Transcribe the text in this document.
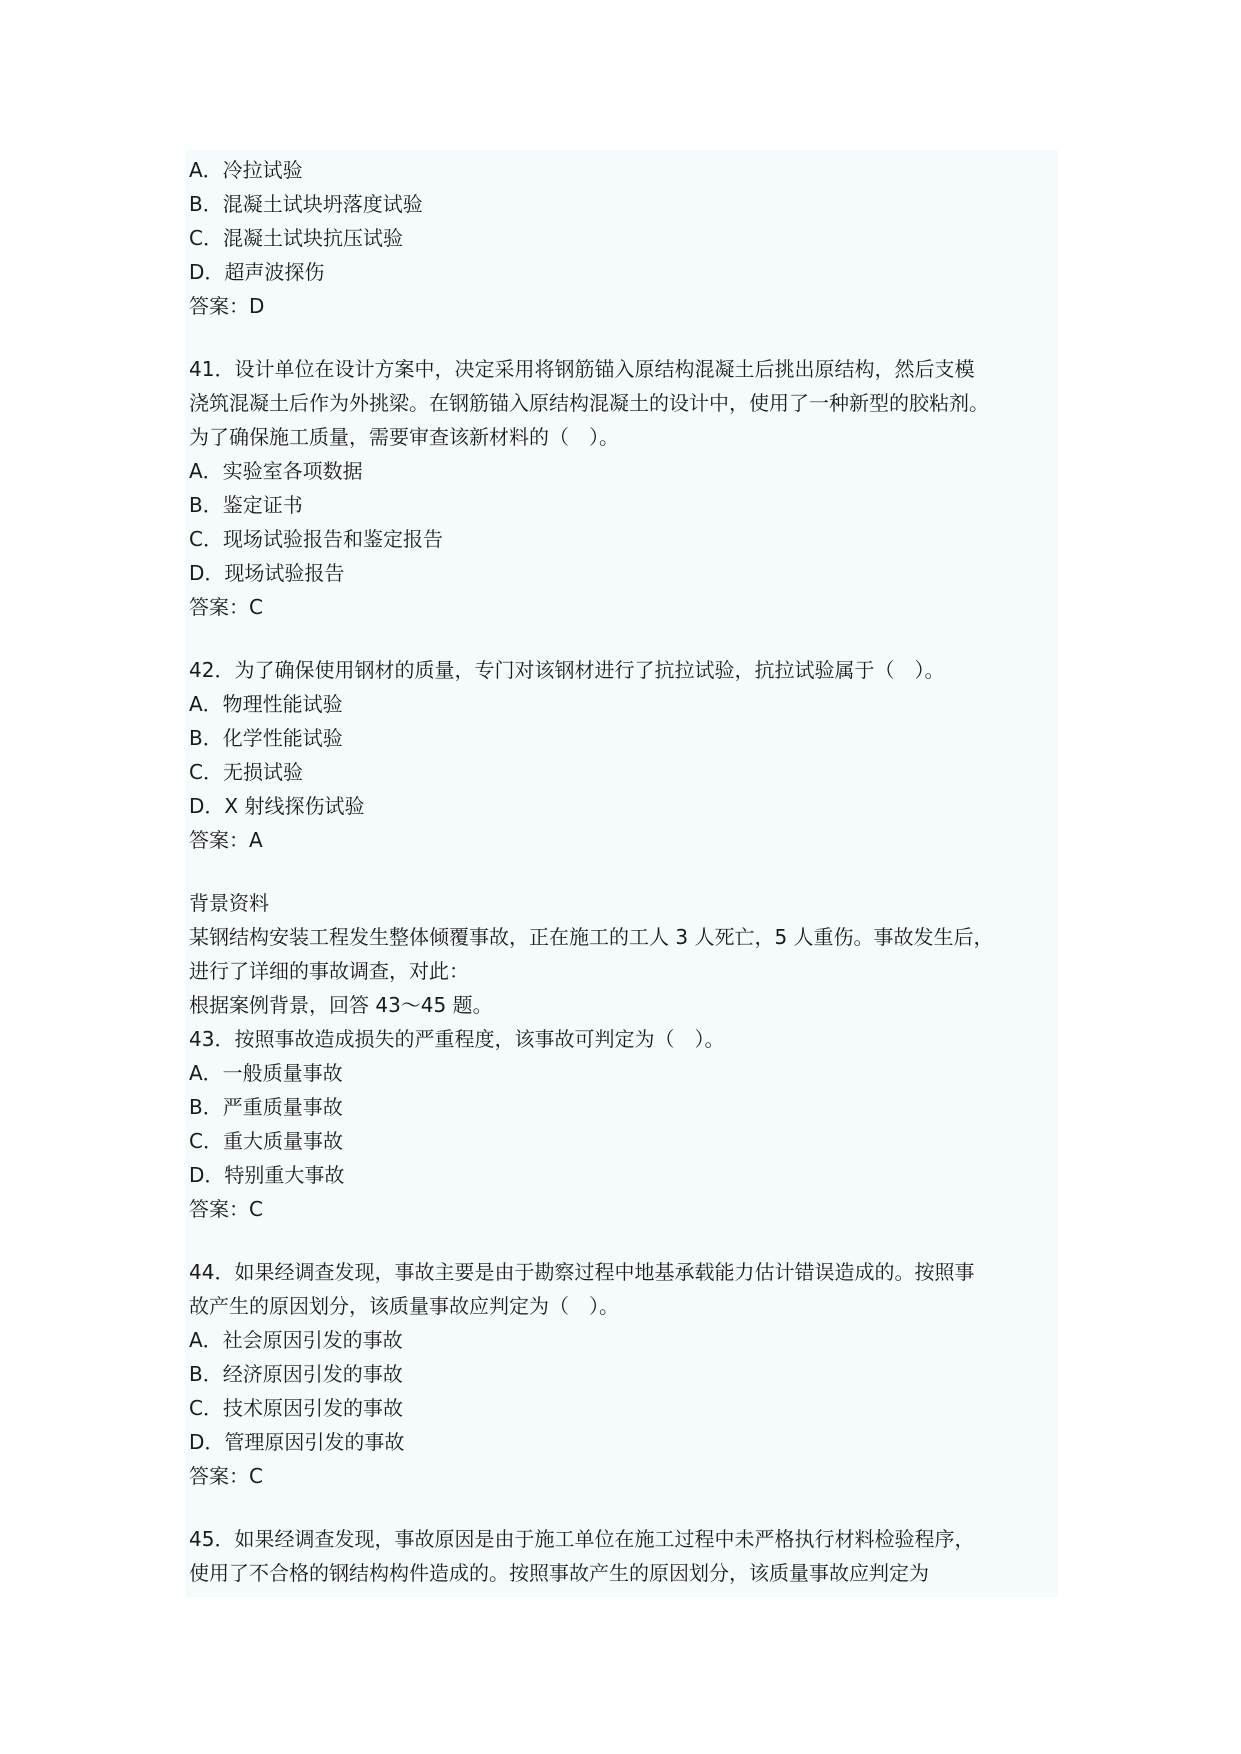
A．冷拉试验
B．混凝土试块坍落度试验
C．混凝土试块抗压试验
D．超声波探伤
答案：D
41．设计单位在设计方案中，决定采用将钢筋锚入原结构混凝土后挑出原结构，然后支模
浇筑混凝土后作为外挑梁。在钢筋锚入原结构混凝土的设计中，使用了一种新型的胶粘剂。
为了确保施工质量，需要审查该新材料的（　）。
A．实验室各项数据
B．鉴定证书
C．现场试验报告和鉴定报告
D．现场试验报告
答案：C
42．为了确保使用钢材的质量，专门对该钢材进行了抗拉试验，抗拉试验属于（　）。
A．物理性能试验
B．化学性能试验
C．无损试验
D．X 射线探伤试验
答案：A
背景资料
某钢结构安装工程发生整体倾覆事故，正在施工的工人 3 人死亡，5 人重伤。事故发生后，
进行了详细的事故调查，对此：
根据案例背景，回答 43～45 题。
43．按照事故造成损失的严重程度，该事故可判定为（　）。
A．一般质量事故
B．严重质量事故
C．重大质量事故
D．特别重大事故
答案：C
44．如果经调查发现，事故主要是由于勘察过程中地基承载能力估计错误造成的。按照事
故产生的原因划分，该质量事故应判定为（　）。
A．社会原因引发的事故
B．经济原因引发的事故
C．技术原因引发的事故
D．管理原因引发的事故
答案：C
45．如果经调查发现，事故原因是由于施工单位在施工过程中未严格执行材料检验程序，
使用了不合格的钢结构构件造成的。按照事故产生的原因划分，该质量事故应判定为
